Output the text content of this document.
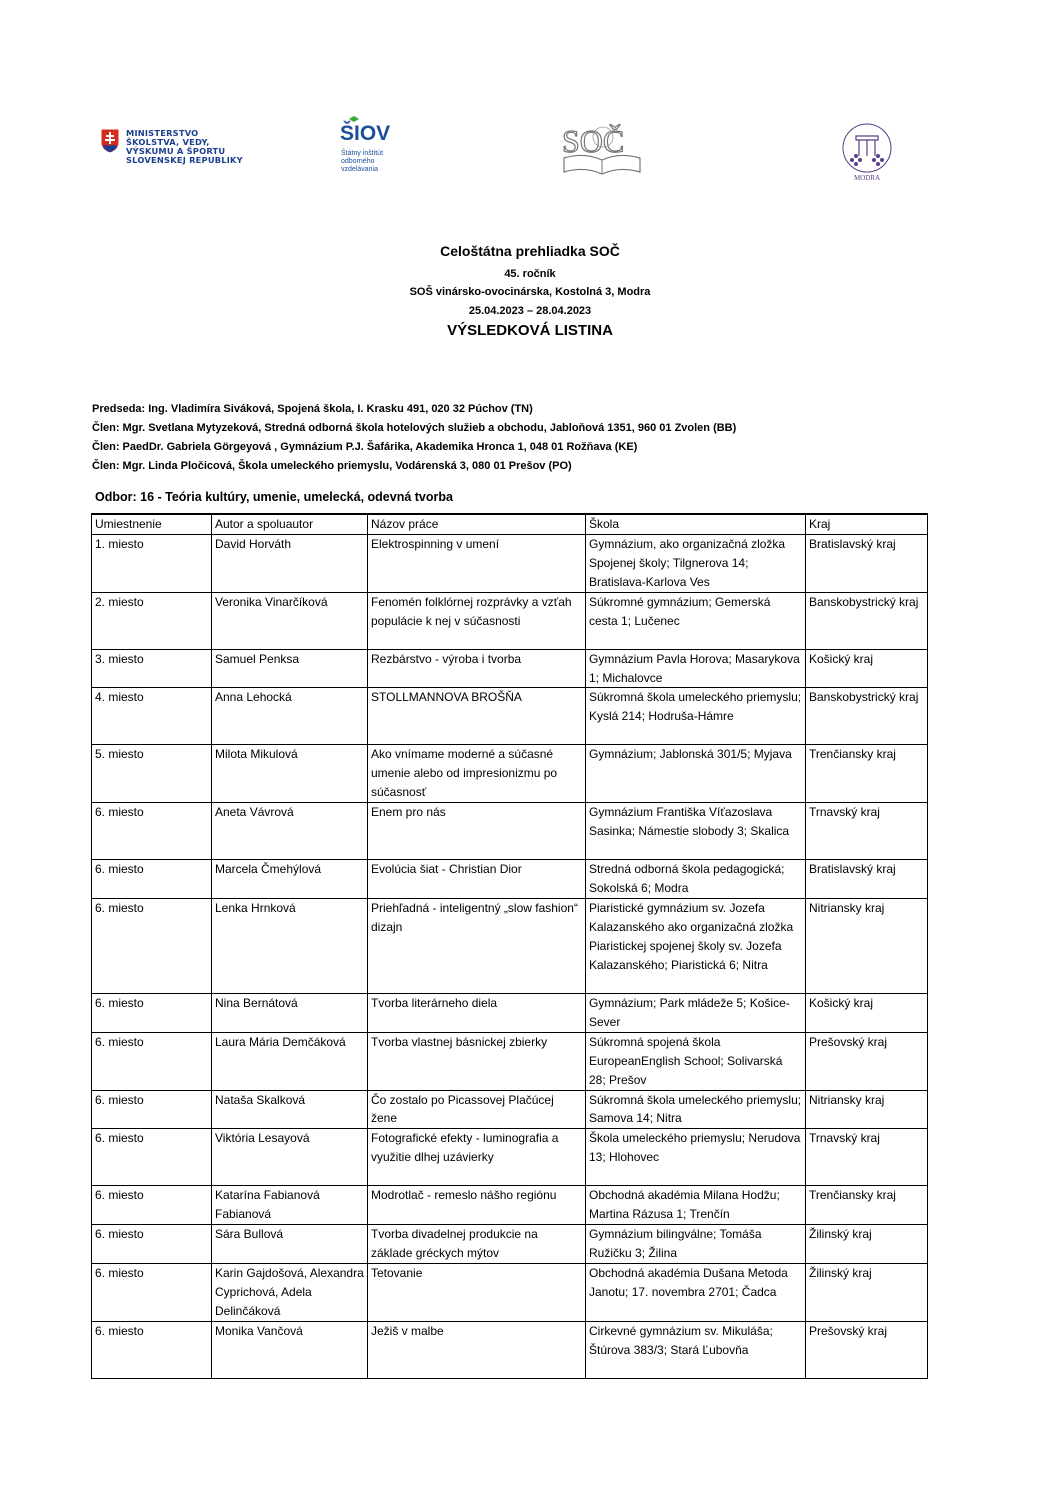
MINISTERSTVO
ŠKOLSTVA, VEDY,
VÝSKUMU A ŠPORTU
SLOVENSKEJ REPUBLIKY
ŠIOV
Štátny inštitút
odborného
vzdelávania
SOČ
MODRA
Celoštátna prehliadka SOČ
45. ročník
SOŠ vinársko-ovocinárska, Kostolná 3, Modra
25.04.2023 – 28.04.2023
VÝSLEDKOVÁ LISTINA
Predseda: Ing. Vladimíra Siváková, Spojená škola, I. Krasku 491, 020 32 Púchov (TN)
Člen: Mgr. Svetlana Mytyzeková, Stredná odborná škola hotelových služieb a obchodu, Jabloňová 1351, 960 01 Zvolen (BB)
Člen: PaedDr. Gabriela Görgeyová , Gymnázium P.J. Šafárika, Akademika Hronca 1, 048 01 Rožňava (KE)
Člen: Mgr. Linda Pločicová, Škola umeleckého priemyslu, Vodárenská 3, 080 01 Prešov (PO)
Odbor: 16 - Teória kultúry, umenie, umelecká, odevná tvorba
Umiestnenie	Autor a spoluautor	Názov práce	Škola	Kraj
1. miesto	David Horváth	Elektrospinning v umení	Gymnázium, ako organizačná zložka Spojenej školy; Tilgnerova 14; Bratislava-Karlova Ves	Bratislavský kraj
2. miesto	Veronika Vinarčíková	Fenomén folklórnej rozprávky a vzťah populácie k nej v súčasnosti	Súkromné gymnázium; Gemerská cesta 1; Lučenec	Banskobystrický kraj
3. miesto	Samuel Penksa	Rezbárstvo - výroba i tvorba	Gymnázium Pavla Horova; Masarykova 1; Michalovce	Košický kraj
4. miesto	Anna Lehocká	STOLLMANNOVA BROŠŇA	Súkromná škola umeleckého priemyslu; Kyslá 214; Hodruša-Hámre	Banskobystrický kraj
5. miesto	Milota Mikulová	Ako vnímame moderné a súčasné umenie alebo od impresionizmu po súčasnosť	Gymnázium; Jablonská 301/5; Myjava	Trenčiansky kraj
6. miesto	Aneta Vávrová	Enem pro nás	Gymnázium Františka Víťazoslava Sasinka; Námestie slobody 3; Skalica	Trnavský kraj
6. miesto	Marcela Čmehýlová	Evolúcia šiat - Christian Dior	Stredná odborná škola pedagogická; Sokolská 6; Modra	Bratislavský kraj
6. miesto	Lenka Hrnková	Priehľadná - inteligentný „slow fashion“ dizajn	Piaristické gymnázium sv. Jozefa Kalazanského ako organizačná zložka Piaristickej spojenej školy sv. Jozefa Kalazanského; Piaristická 6; Nitra	Nitriansky kraj
6. miesto	Nina Bernátová	Tvorba literárneho diela	Gymnázium; Park mládeže 5; Košice-Sever	Košický kraj
6. miesto	Laura Mária Demčáková	Tvorba vlastnej básnickej zbierky	Súkromná spojená škola EuropeanEnglish School; Solivarská 28; Prešov	Prešovský kraj
6. miesto	Nataša Skalková	Čo zostalo po Picassovej Plačúcej žene	Súkromná škola umeleckého priemyslu; Samova 14; Nitra	Nitriansky kraj
6. miesto	Viktória Lesayová	Fotografické efekty - luminografia a využitie dlhej uzávierky	Škola umeleckého priemyslu; Nerudova 13; Hlohovec	Trnavský kraj
6. miesto	Katarína Fabianová Fabianová	Modrotlač - remeslo nášho regiónu	Obchodná akadémia Milana Hodžu; Martina Rázusa 1; Trenčín	Trenčiansky kraj
6. miesto	Sára Bullová	Tvorba divadelnej produkcie na základe gréckych mýtov	Gymnázium bilingválne; Tomáša Ružičku 3; Žilina	Žilinský kraj
6. miesto	Karin Gajdošová, Alexandra Cyprichová, Adela Delinčáková	Tetovanie	Obchodná akadémia Dušana Metoda Janotu; 17. novembra 2701; Čadca	Žilinský kraj
6. miesto	Monika Vančová	Ježiš v malbe	Cirkevné gymnázium sv. Mikuláša; Štúrova 383/3; Stará Ľubovňa	Prešovský kraj
